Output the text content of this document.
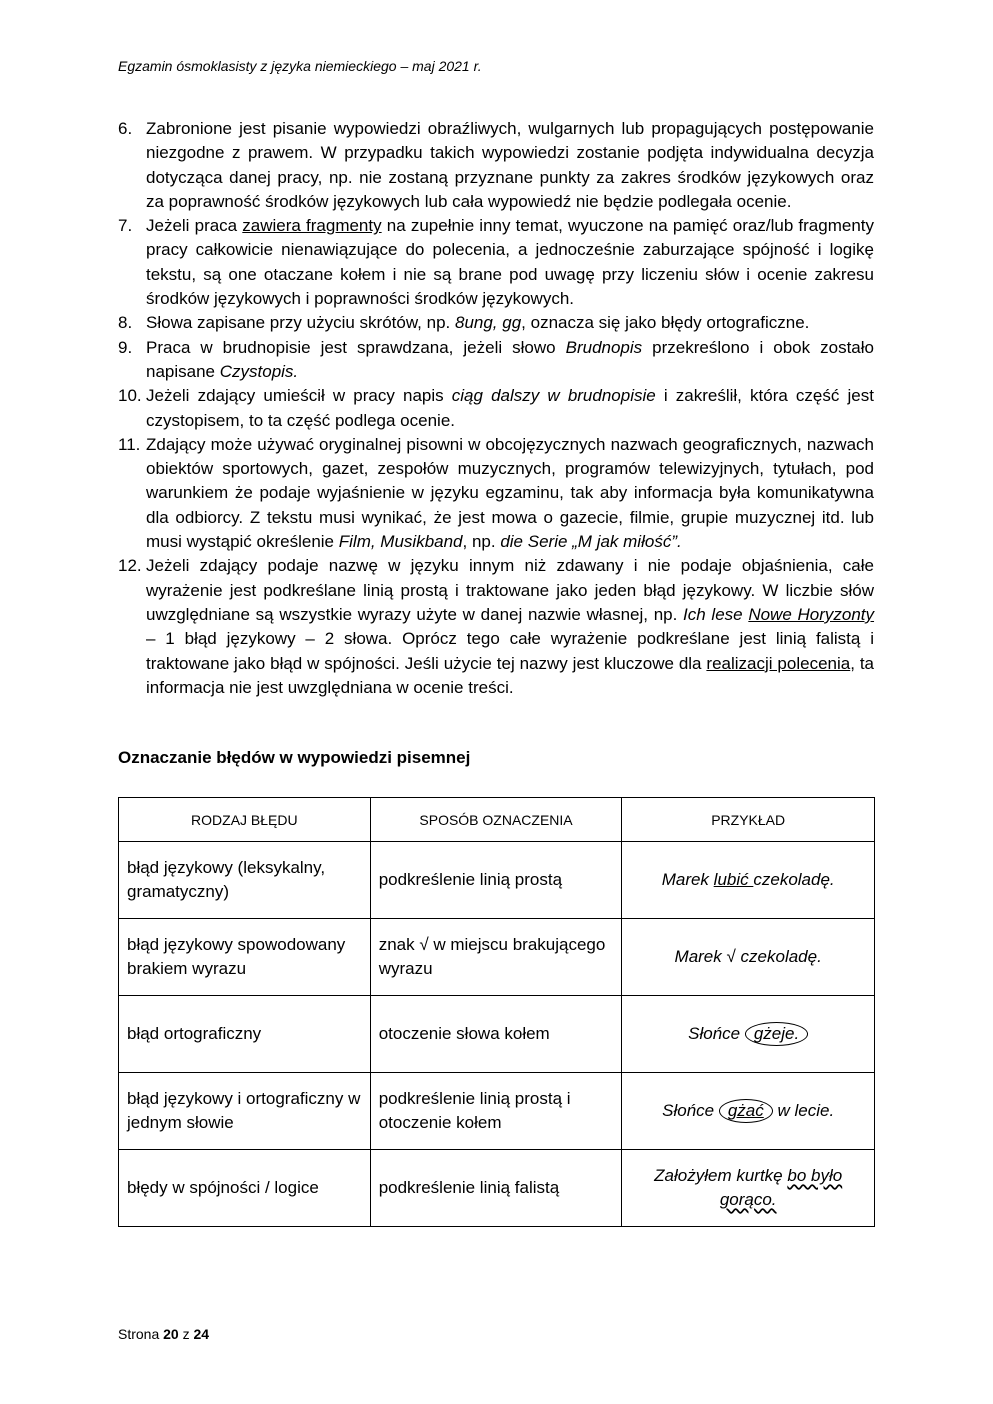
Egzamin ósmoklasisty z języka niemieckiego – maj 2021 r.
6. Zabronione jest pisanie wypowiedzi obraźliwych, wulgarnych lub propagujących postępowanie niezgodne z prawem. W przypadku takich wypowiedzi zostanie podjęta indywidualna decyzja dotycząca danej pracy, np. nie zostaną przyznane punkty za zakres środków językowych oraz za poprawność środków językowych lub cała wypowiedź nie będzie podlegała ocenie.
7. Jeżeli praca zawiera fragmenty na zupełnie inny temat, wyuczone na pamięć oraz/lub fragmenty pracy całkowicie nienawiązujące do polecenia, a jednocześnie zaburzające spójność i logikę tekstu, są one otaczane kołem i nie są brane pod uwagę przy liczeniu słów i ocenie zakresu środków językowych i poprawności środków językowych.
8. Słowa zapisane przy użyciu skrótów, np. 8ung, gg, oznacza się jako błędy ortograficzne.
9. Praca w brudnopisie jest sprawdzana, jeżeli słowo Brudnopis przekreślono i obok zostało napisane Czystopis.
10. Jeżeli zdający umieścił w pracy napis ciąg dalszy w brudnopisie i zakreślił, która część jest czystopisem, to ta część podlega ocenie.
11. Zdający może używać oryginalnej pisowni w obcojęzycznych nazwach geograficznych, nazwach obiektów sportowych, gazet, zespołów muzycznych, programów telewizyjnych, tytułach, pod warunkiem że podaje wyjaśnienie w języku egzaminu, tak aby informacja była komunikatywna dla odbiorcy. Z tekstu musi wynikać, że jest mowa o gazecie, filmie, grupie muzycznej itd. lub musi wystąpić określenie Film, Musikband, np. die Serie „M jak miłość”.
12. Jeżeli zdający podaje nazwę w języku innym niż zdawany i nie podaje objaśnienia, całe wyrażenie jest podkreślane linią prostą i traktowane jako jeden błąd językowy. W liczbie słów uwzględniane są wszystkie wyrazy użyte w danej nazwie własnej, np. Ich lese Nowe Horyzonty – 1 błąd językowy – 2 słowa. Oprócz tego całe wyrażenie podkreślane jest linią falistą i traktowane jako błąd w spójności. Jeśli użycie tej nazwy jest kluczowe dla realizacji polecenia, ta informacja nie jest uwzględniana w ocenie treści.
Oznaczanie błędów w wypowiedzi pisemnej
RODZAJ BŁĘDU	SPOSÓB OZNACZENIA	PRZYKŁAD
błąd językowy (leksykalny, gramatyczny)	podkreślenie linią prostą	Marek lubić czekoladę.
błąd językowy spowodowany brakiem wyrazu	znak √ w miejscu brakującego wyrazu	Marek √ czekoladę.
błąd ortograficzny	otoczenie słowa kołem	Słońce gżeje.
błąd językowy i ortograficzny w jednym słowie	podkreślenie linią prostą i otoczenie kołem	Słońce gżać w lecie.
błędy w spójności / logice	podkreślenie linią falistą	Założyłem kurtkę bo było gorąco.
Strona 20 z 24
